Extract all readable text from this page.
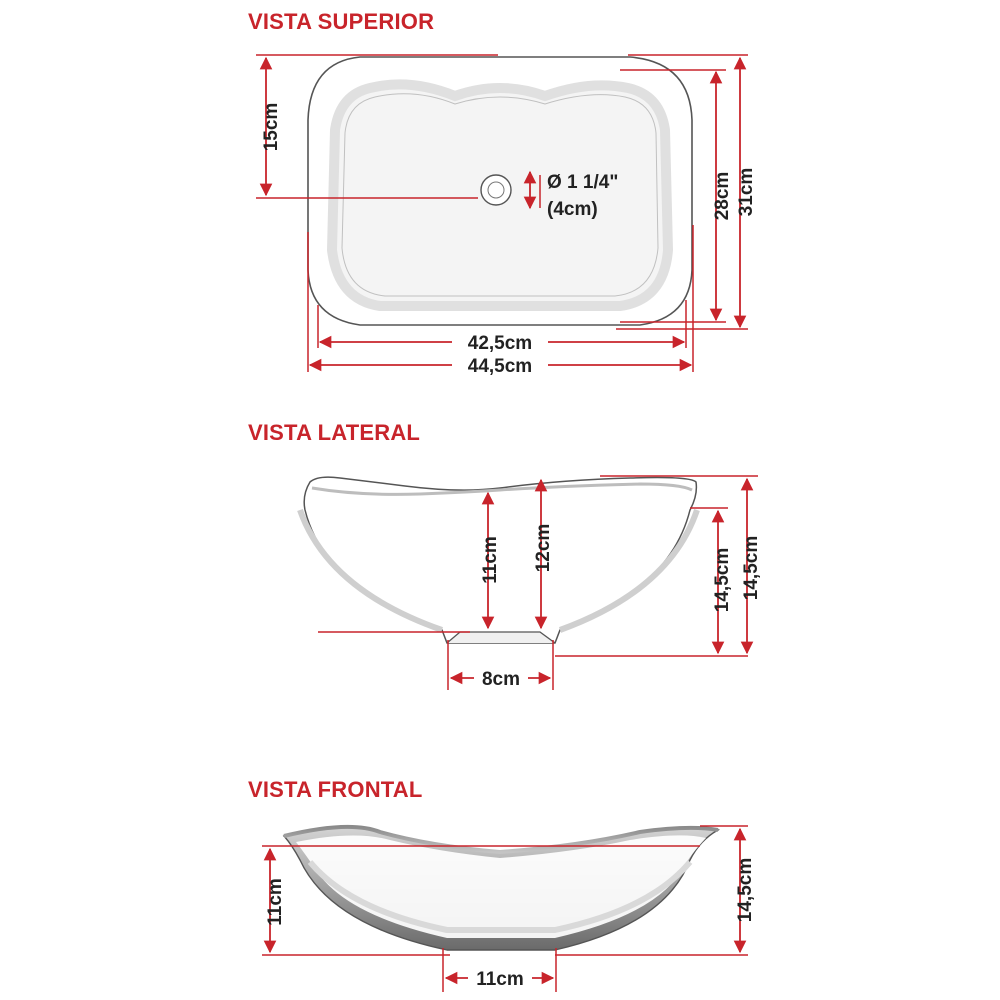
VISTA SUPERIOR
VISTA LATERAL
VISTA FRONTAL
15cm
Ø 1 1/4"
(4cm)	28cm 31cm
42,5cm
44,5cm
11cm 12cm	14,5cm 14,5cm
8cm
11cm	14,5cm
11cm
